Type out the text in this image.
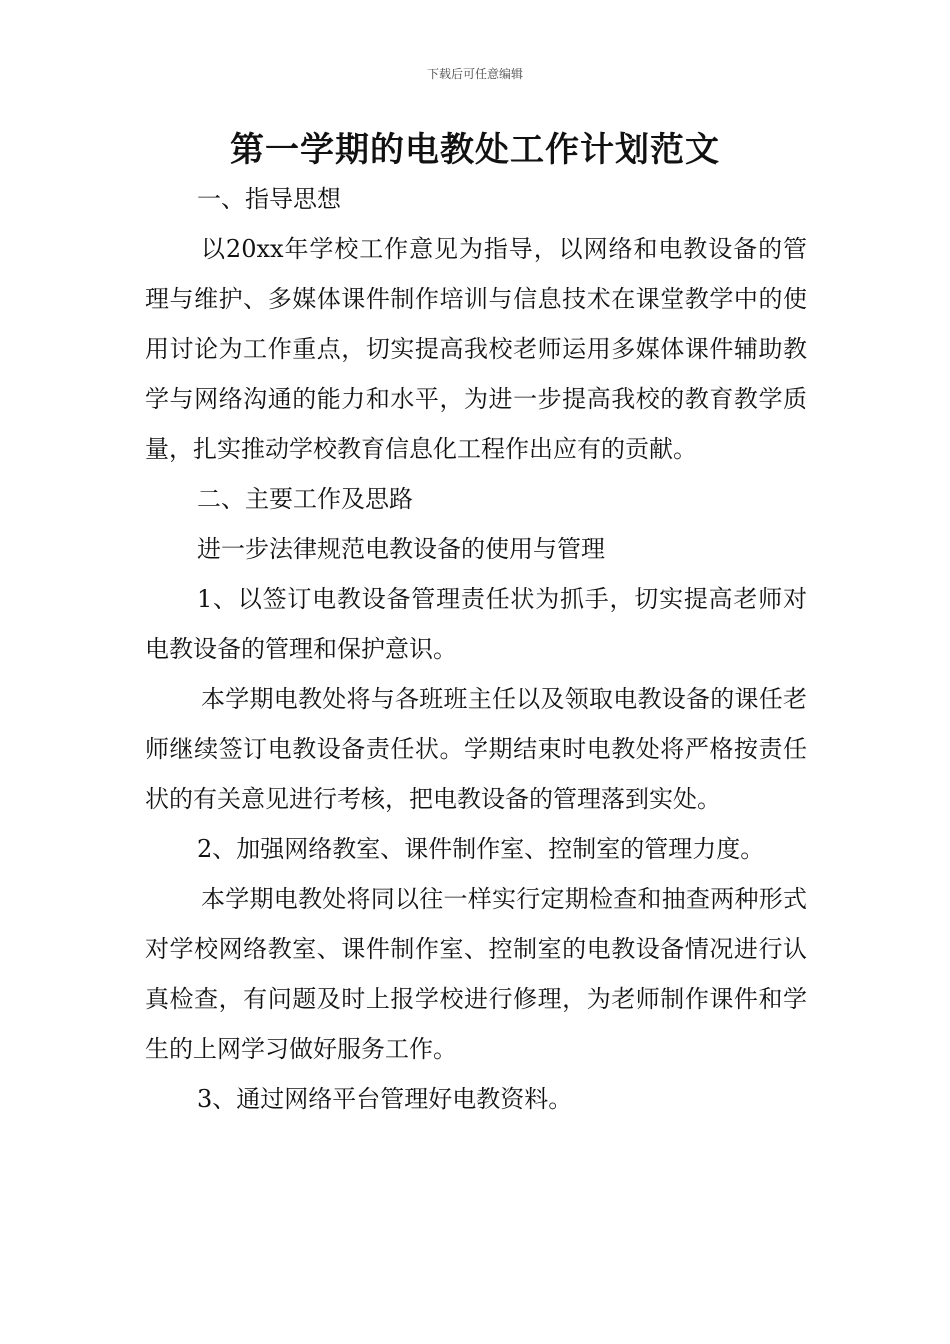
下载后可任意编辑
第一学期的电教处工作计划范文

一、指导思想

以20xx年学校工作意见为指导，以网络和电教设备的管理与维护、多媒体课件制作培训与信息技术在课堂教学中的使用讨论为工作重点，切实提高我校老师运用多媒体课件辅助教学与网络沟通的能力和水平，为进一步提高我校的教育教学质量，扎实推动学校教育信息化工程作出应有的贡献。

二、主要工作及思路

进一步法律规范电教设备的使用与管理

1、以签订电教设备管理责任状为抓手，切实提高老师对电教设备的管理和保护意识。

本学期电教处将与各班班主任以及领取电教设备的课任老师继续签订电教设备责任状。学期结束时电教处将严格按责任状的有关意见进行考核，把电教设备的管理落到实处。

2、加强网络教室、课件制作室、控制室的管理力度。

本学期电教处将同以往一样实行定期检查和抽查两种形式对学校网络教室、课件制作室、控制室的电教设备情况进行认真检查，有问题及时上报学校进行修理，为老师制作课件和学生的上网学习做好服务工作。

3、通过网络平台管理好电教资料。
